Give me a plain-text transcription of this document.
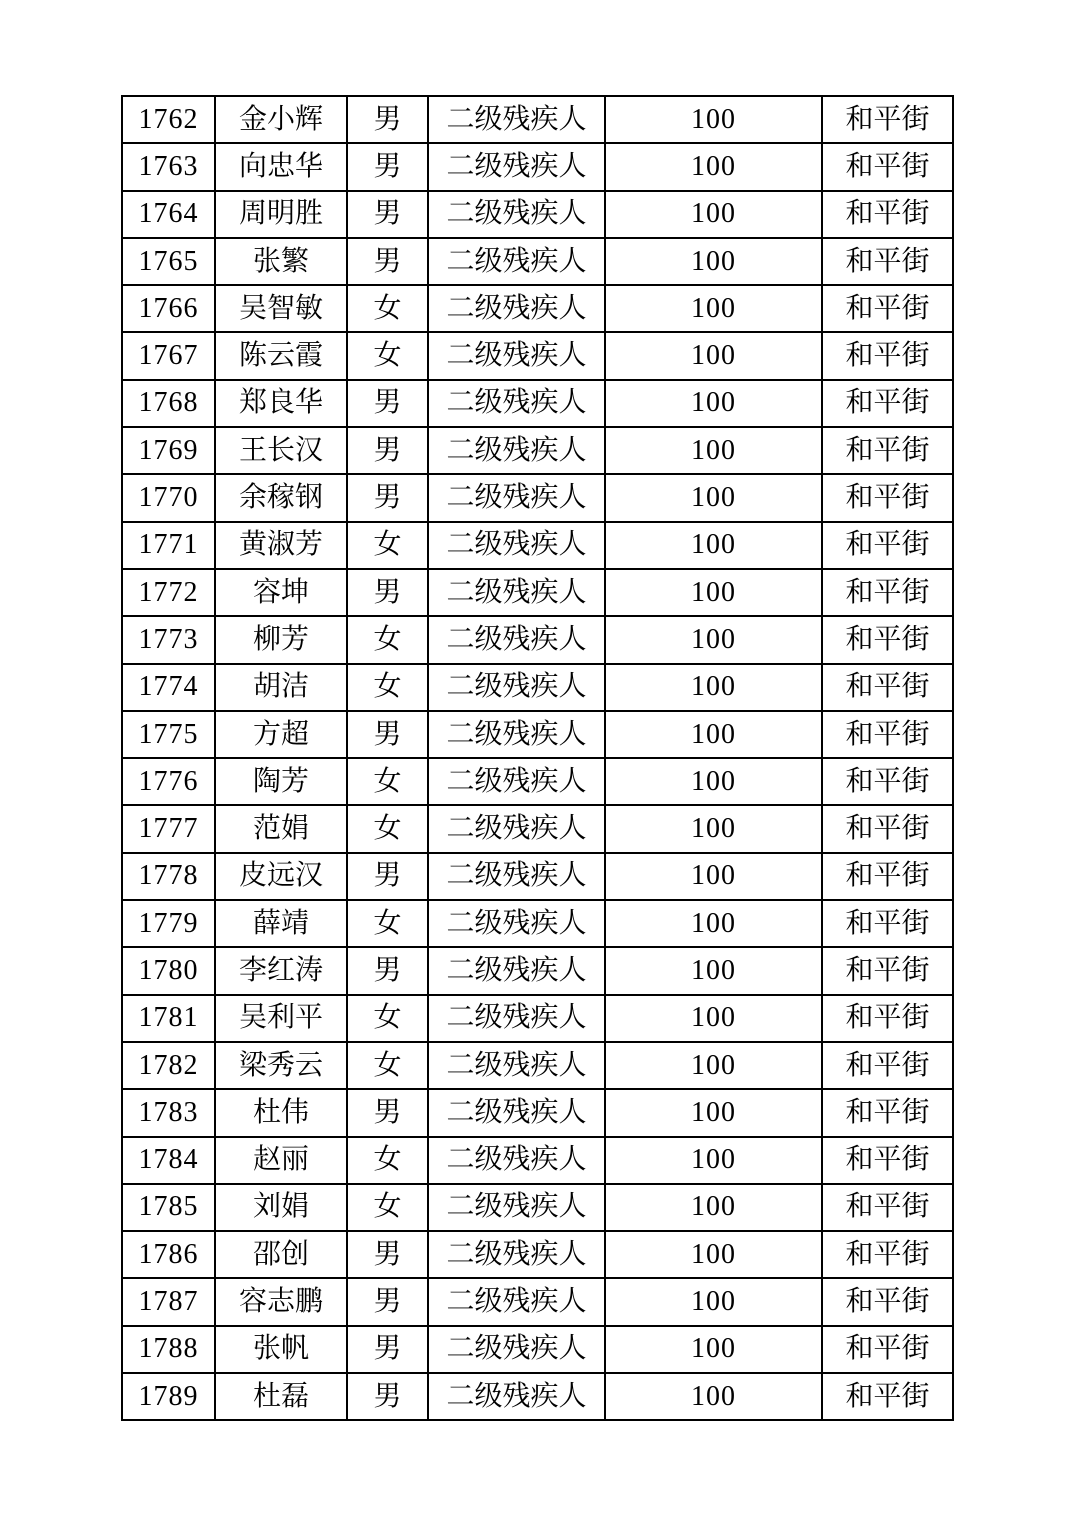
1762	金小辉	男	二级残疾人	100	和平街
1763	向忠华	男	二级残疾人	100	和平街
1764	周明胜	男	二级残疾人	100	和平街
1765	张繁	男	二级残疾人	100	和平街
1766	吴智敏	女	二级残疾人	100	和平街
1767	陈云霞	女	二级残疾人	100	和平街
1768	郑良华	男	二级残疾人	100	和平街
1769	王长汉	男	二级残疾人	100	和平街
1770	余稼钢	男	二级残疾人	100	和平街
1771	黄淑芳	女	二级残疾人	100	和平街
1772	容坤	男	二级残疾人	100	和平街
1773	柳芳	女	二级残疾人	100	和平街
1774	胡洁	女	二级残疾人	100	和平街
1775	方超	男	二级残疾人	100	和平街
1776	陶芳	女	二级残疾人	100	和平街
1777	范娟	女	二级残疾人	100	和平街
1778	皮远汉	男	二级残疾人	100	和平街
1779	薛靖	女	二级残疾人	100	和平街
1780	李红涛	男	二级残疾人	100	和平街
1781	吴利平	女	二级残疾人	100	和平街
1782	梁秀云	女	二级残疾人	100	和平街
1783	杜伟	男	二级残疾人	100	和平街
1784	赵丽	女	二级残疾人	100	和平街
1785	刘娟	女	二级残疾人	100	和平街
1786	邵创	男	二级残疾人	100	和平街
1787	容志鹏	男	二级残疾人	100	和平街
1788	张帆	男	二级残疾人	100	和平街
1789	杜磊	男	二级残疾人	100	和平街
